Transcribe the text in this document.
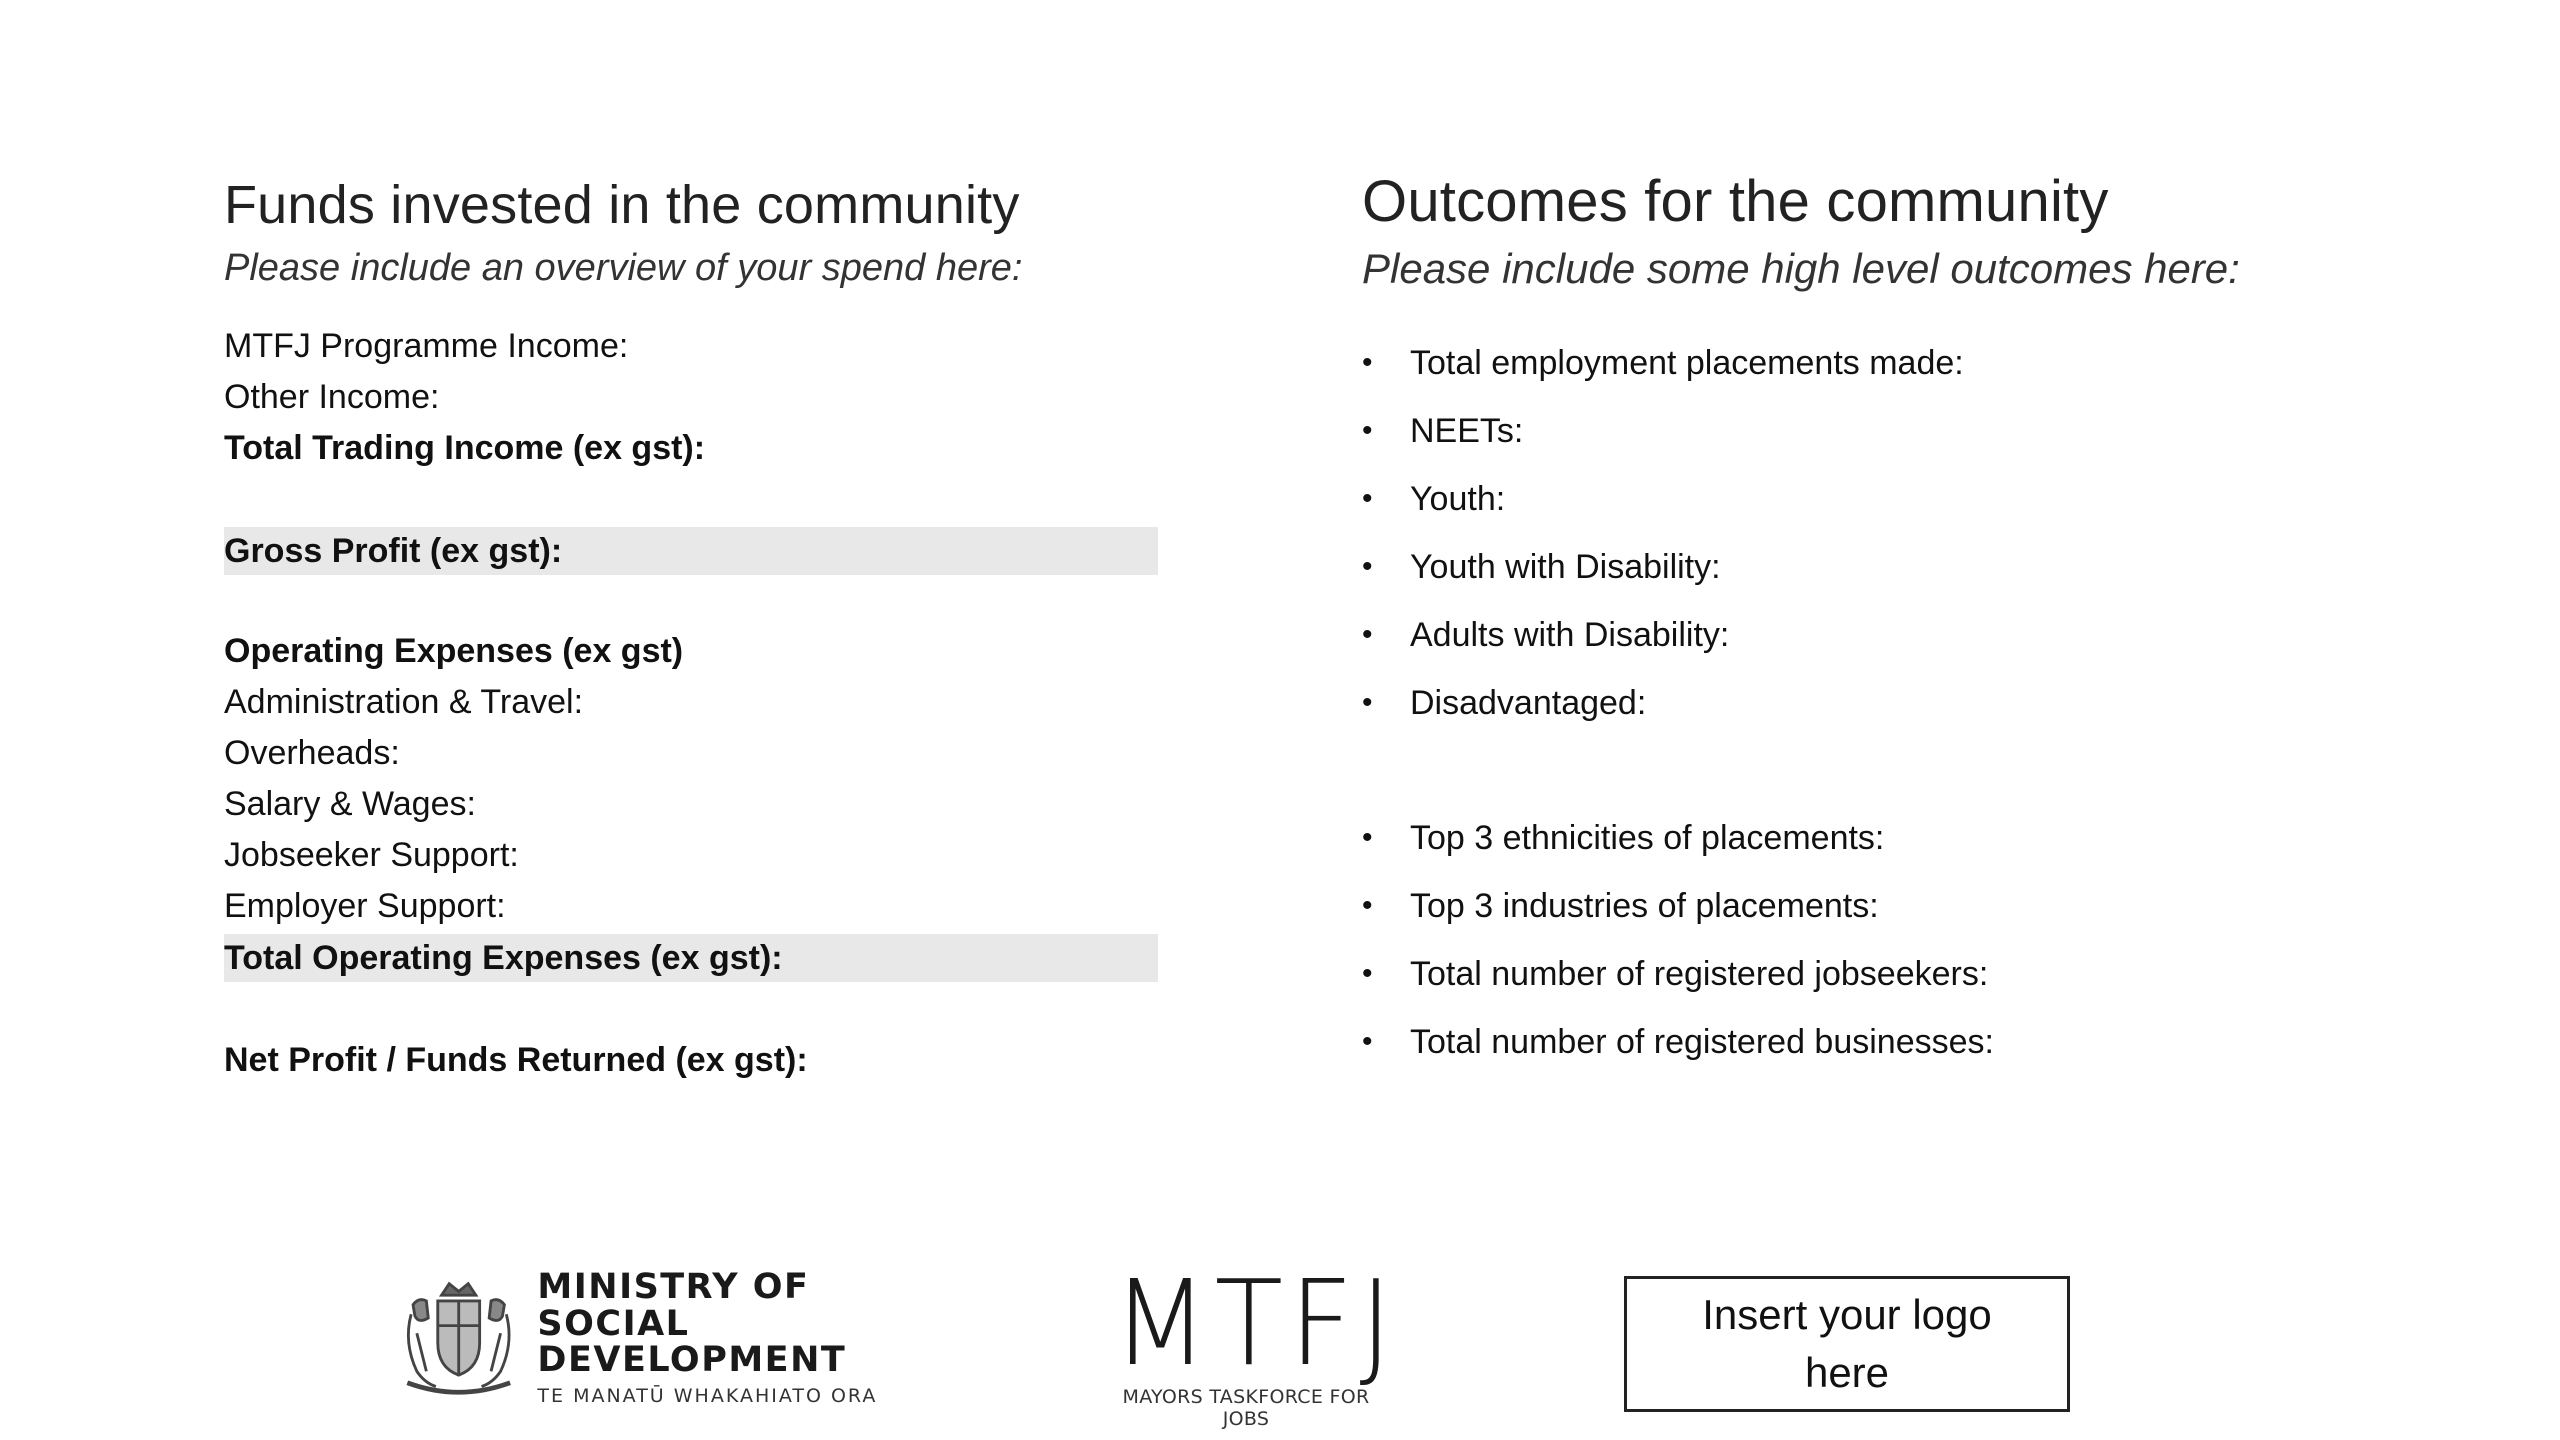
Funds invested in the community
Please include an overview of your spend here:
MTFJ Programme Income:
Other Income:
Total Trading Income (ex gst):
Gross Profit (ex gst):
Operating Expenses (ex gst)
Administration & Travel:
Overheads:
Salary & Wages:
Jobseeker Support:
Employer Support:
Total Operating Expenses (ex gst):
Net Profit / Funds Returned (ex gst):
Outcomes for the community
Please include some high level outcomes here:
•	Total employment placements made:
•	NEETs:
•	Youth:
•	Youth with Disability:
•	Adults with Disability:
•	Disadvantaged:
•	Top 3 ethnicities of placements:
•	Top 3 industries of placements:
•	Total number of registered jobseekers:
•	Total number of registered businesses:
MINISTRY OF SOCIAL
DEVELOPMENT
TE MANATŪ WHAKAHIATO ORA
MTFJ
MAYORS TASKFORCE FOR JOBS
Insert your logo here
